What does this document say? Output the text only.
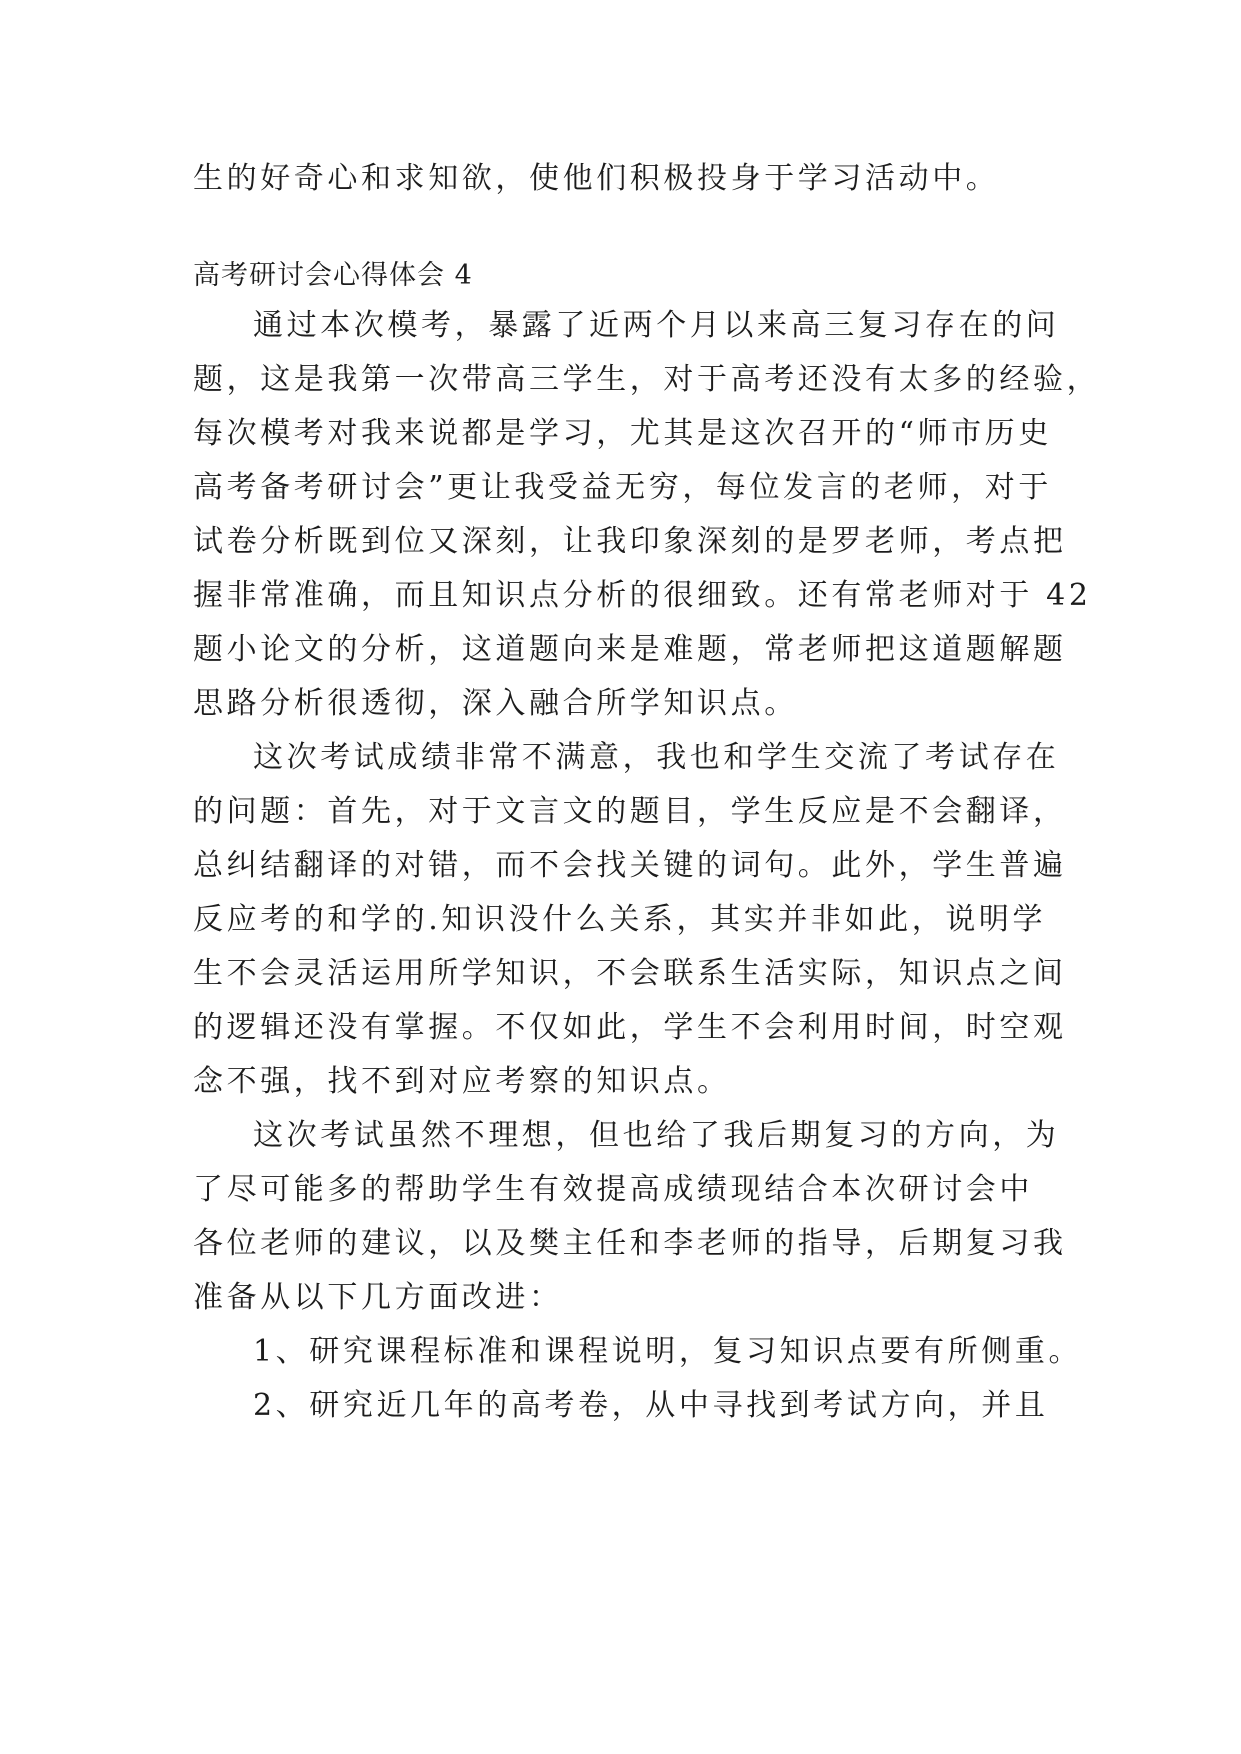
生的好奇心和求知欲，使他们积极投身于学习活动中。
高考研讨会心得体会 4
通过本次模考，暴露了近两个月以来高三复习存在的问
题，这是我第一次带高三学生，对于高考还没有太多的经验，
每次模考对我来说都是学习，尤其是这次召开的“师市历史
高考备考研讨会”更让我受益无穷，每位发言的老师，对于
试卷分析既到位又深刻，让我印象深刻的是罗老师，考点把
握非常准确，而且知识点分析的很细致。还有常老师对于 42
题小论文的分析，这道题向来是难题，常老师把这道题解题
思路分析很透彻，深入融合所学知识点。
这次考试成绩非常不满意，我也和学生交流了考试存在
的问题：首先，对于文言文的题目，学生反应是不会翻译，
总纠结翻译的对错，而不会找关键的词句。此外，学生普遍
反应考的和学的.知识没什么关系，其实并非如此，说明学
生不会灵活运用所学知识，不会联系生活实际，知识点之间
的逻辑还没有掌握。不仅如此，学生不会利用时间，时空观
念不强，找不到对应考察的知识点。
这次考试虽然不理想，但也给了我后期复习的方向，为
了尽可能多的帮助学生有效提高成绩现结合本次研讨会中
各位老师的建议，以及樊主任和李老师的指导，后期复习我
准备从以下几方面改进：
1、研究课程标准和课程说明，复习知识点要有所侧重。
2、研究近几年的高考卷，从中寻找到考试方向，并且
